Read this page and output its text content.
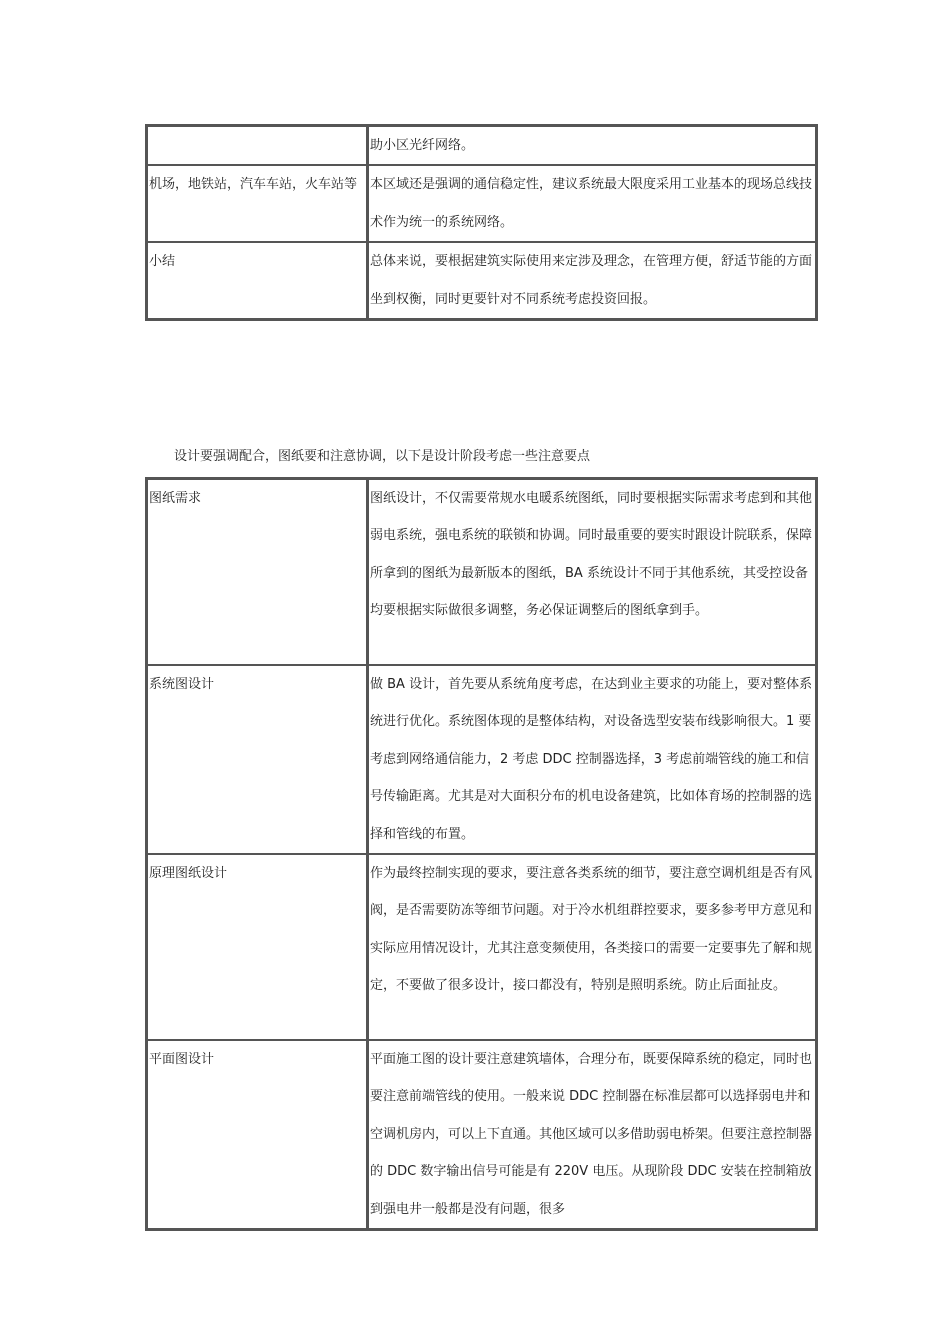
	助小区光纤网络。
机场，地铁站，汽车车站，火车站等	本区域还是强调的通信稳定性，建议系统最大限度采用工业基本的现场总线技术作为统一的系统网络。
小结	总体来说，要根据建筑实际使用来定涉及理念，在管理方便，舒适节能的方面坐到权衡，同时更要针对不同系统考虑投资回报。
设计要强调配合，图纸要和注意协调，以下是设计阶段考虑一些注意要点
图纸需求	图纸设计，不仅需要常规水电暖系统图纸，同时要根据实际需求考虑到和其他弱电系统，强电系统的联锁和协调。同时最重要的要实时跟设计院联系，保障所拿到的图纸为最新版本的图纸，BA 系统设计不同于其他系统，其受控设备均要根据实际做很多调整，务必保证调整后的图纸拿到手。
系统图设计	做 BA 设计，首先要从系统角度考虑，在达到业主要求的功能上，要对整体系统进行优化。系统图体现的是整体结构，对设备选型安装布线影响很大。1 要考虑到网络通信能力，2 考虑 DDC 控制器选择，3 考虑前端管线的施工和信号传输距离。尤其是对大面积分布的机电设备建筑，比如体育场的控制器的选择和管线的布置。
原理图纸设计	作为最终控制实现的要求，要注意各类系统的细节，要注意空调机组是否有风阀，是否需要防冻等细节问题。对于冷水机组群控要求，要多参考甲方意见和实际应用情况设计，尤其注意变频使用，各类接口的需要一定要事先了解和规定，不要做了很多设计，接口都没有，特别是照明系统。防止后面扯皮。
平面图设计	平面施工图的设计要注意建筑墙体，合理分布，既要保障系统的稳定，同时也要注意前端管线的使用。一般来说 DDC 控制器在标准层都可以选择弱电井和空调机房内，可以上下直通。其他区域可以多借助弱电桥架。但要注意控制器的 DDC 数字输出信号可能是有 220V 电压。从现阶段 DDC 安装在控制箱放到强电井一般都是没有问题，很多
